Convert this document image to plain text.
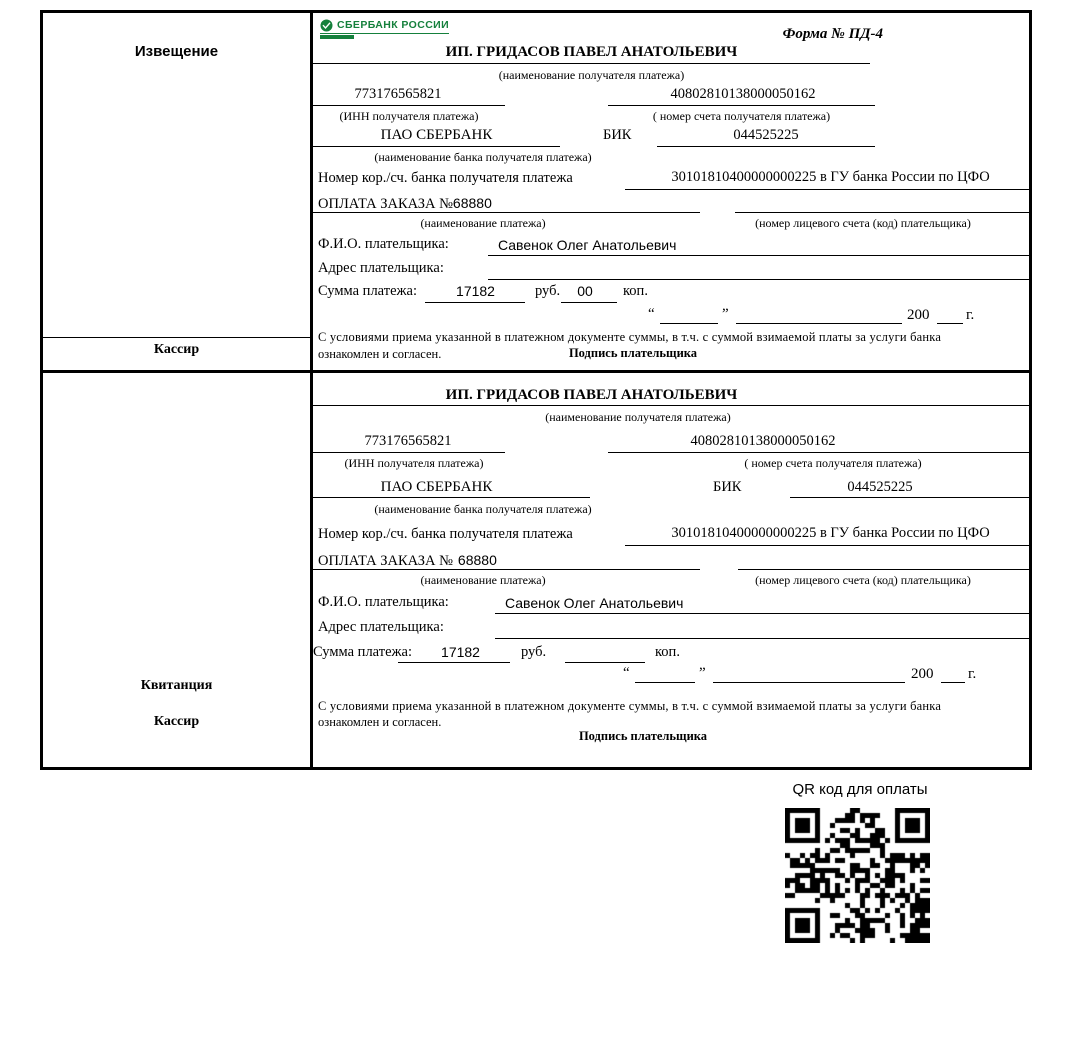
Извещение
Кассир
Квитанция
Кассир
СБЕРБАНК РОССИИ
Форма № ПД-4
ИП. ГРИДАСОВ ПАВЕЛ АНАТОЛЬЕВИЧ
(наименование получателя платежа)
773176565821	40802810138000050162
(ИНН получателя платежа)	( номер счета получателя платежа)
ПАО СБЕРБАНК	БИК	044525225
(наименование банка получателя платежа)
Номер кор./сч. банка получателя платежа	30101810400000000225 в ГУ банка России по ЦФО
ОПЛАТА ЗАКАЗА №68880
(наименование платежа)	(номер лицевого счета (код) плательщика)
Ф.И.О. плательщика:	Савенок Олег Анатольевич
Адрес плательщика:
Сумма платежа:	17182	руб.	00	коп.
“	”	200 г.
С условиями приема указанной в платежном документе суммы, в т.ч. с суммой взимаемой платы за услуги банка
ознакомлен и согласен.	Подпись плательщика
ИП. ГРИДАСОВ ПАВЕЛ АНАТОЛЬЕВИЧ
(наименование получателя платежа)
773176565821	40802810138000050162
(ИНН получателя платежа)	( номер счета получателя платежа)
ПАО СБЕРБАНК	БИК	044525225
(наименование банка получателя платежа)
Номер кор./сч. банка получателя платежа	30101810400000000225 в ГУ банка России по ЦФО
ОПЛАТА ЗАКАЗА № 68880
(наименование платежа)	(номер лицевого счета (код) плательщика)
Ф.И.О. плательщика:	Савенок Олег Анатольевич
Адрес плательщика:
Сумма платежа:	17182	руб.	коп.
“	”	200 г.
С условиями приема указанной в платежном документе суммы, в т.ч. с суммой взимаемой платы за услуги банка
ознакомлен и согласен.
Подпись плательщика
QR код для оплаты
